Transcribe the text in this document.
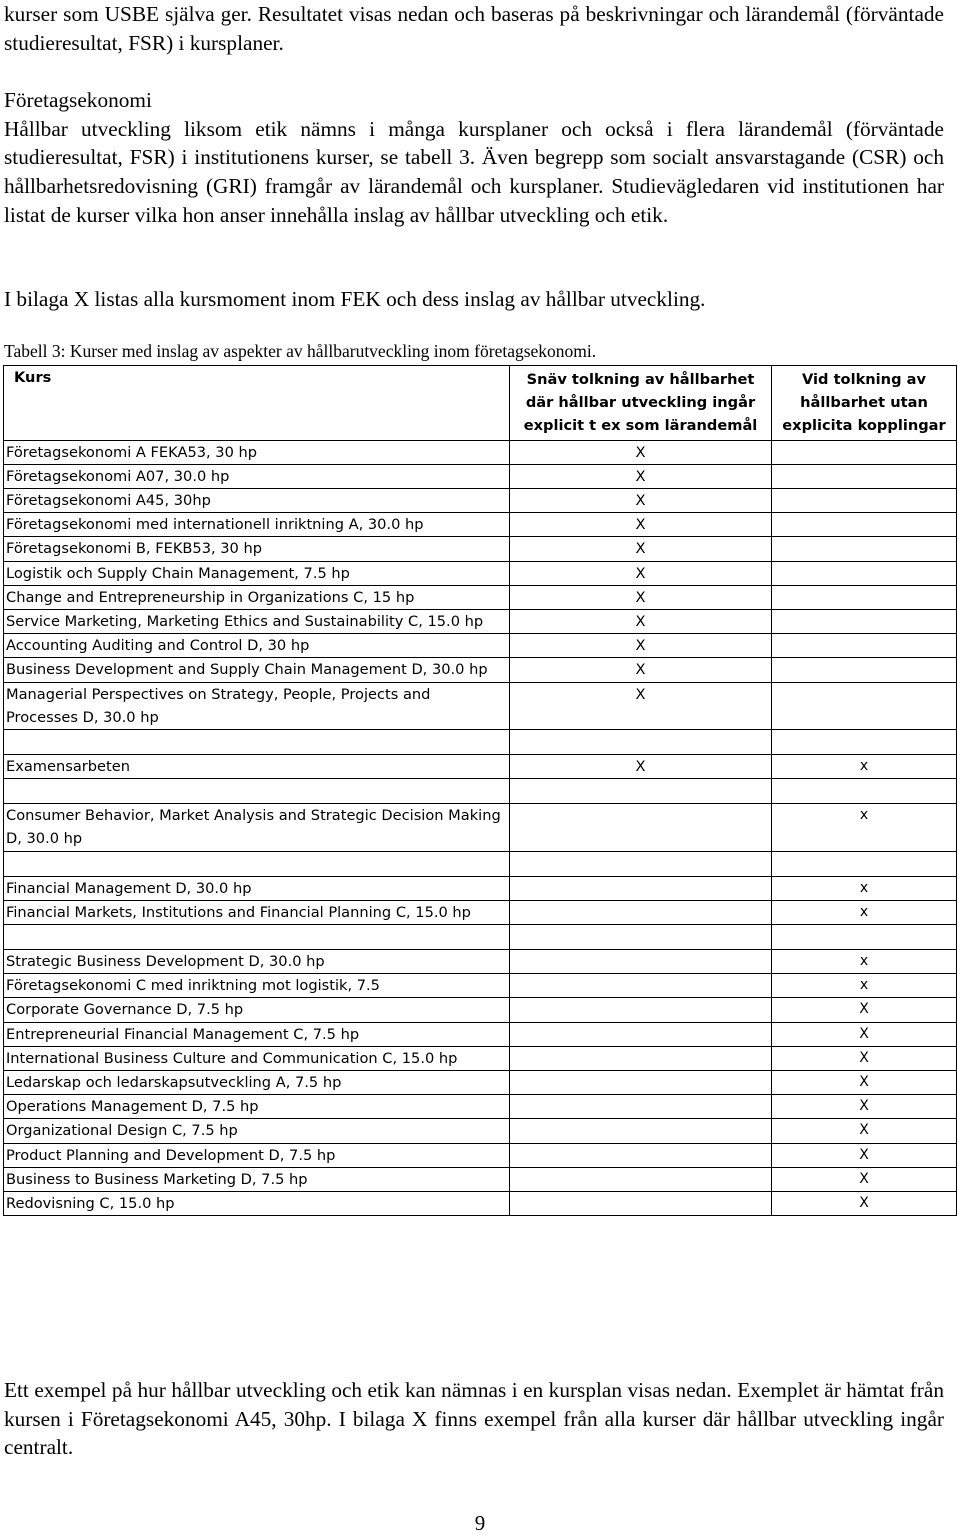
kurser som USBE själva ger. Resultatet visas nedan och baseras på beskrivningar och lärandemål (förväntade studieresultat, FSR) i kursplaner.

Företagsekonomi

Hållbar utveckling liksom etik nämns i många kursplaner och också i flera lärandemål (förväntade studieresultat, FSR) i institutionens kurser, se tabell 3. Även begrepp som socialt ansvarstagande (CSR) och hållbarhetsredovisning (GRI) framgår av lärandemål och kursplaner. Studievägledaren vid institutionen har listat de kurser vilka hon anser innehålla inslag av hållbar utveckling och etik.

I bilaga X listas alla kursmoment inom FEK och dess inslag av hållbar utveckling.

Tabell 3: Kurser med inslag av aspekter av hållbarutveckling inom företagsekonomi.
Kurs	Snäv tolkning av hållbarhet där hållbar utveckling ingår explicit t ex som lärandemål	Vid tolkning av hållbarhet utan explicita kopplingar
Företagsekonomi A FEKA53, 30 hp	X	
Företagsekonomi A07, 30.0 hp	X	
Företagsekonomi A45, 30hp	X	
Företagsekonomi med internationell inriktning A, 30.0 hp	X	
Företagsekonomi B, FEKB53, 30 hp	X	
Logistik och Supply Chain Management, 7.5 hp	X	
Change and Entrepreneurship in Organizations C, 15 hp	X	
Service Marketing, Marketing Ethics and Sustainability C, 15.0 hp	X	
Accounting Auditing and Control D, 30 hp	X	
Business Development and Supply Chain Management D, 30.0 hp	X	
Managerial Perspectives on Strategy, People, Projects and Processes D, 30.0 hp	X	

Examensarbeten	X	x

Consumer Behavior, Market Analysis and Strategic Decision Making D, 30.0 hp		x

Financial Management D, 30.0 hp		x
Financial Markets, Institutions and Financial Planning C, 15.0 hp		x

Strategic Business Development D, 30.0 hp		x
Företagsekonomi C med inriktning mot logistik, 7.5		x
Corporate Governance D, 7.5 hp		X
Entrepreneurial Financial Management C, 7.5 hp		X
International Business Culture and Communication C, 15.0 hp		X
Ledarskap och ledarskapsutveckling A, 7.5 hp		X
Operations Management D, 7.5 hp		X
Organizational Design C, 7.5 hp		X
Product Planning and Development D, 7.5 hp		X
Business to Business Marketing D, 7.5 hp		X
Redovisning C, 15.0 hp		X
Ett exempel på hur hållbar utveckling och etik kan nämnas i en kursplan visas nedan. Exemplet är hämtat från kursen i Företagsekonomi A45, 30hp. I bilaga X finns exempel från alla kurser där hållbar utveckling ingår centralt.
9
